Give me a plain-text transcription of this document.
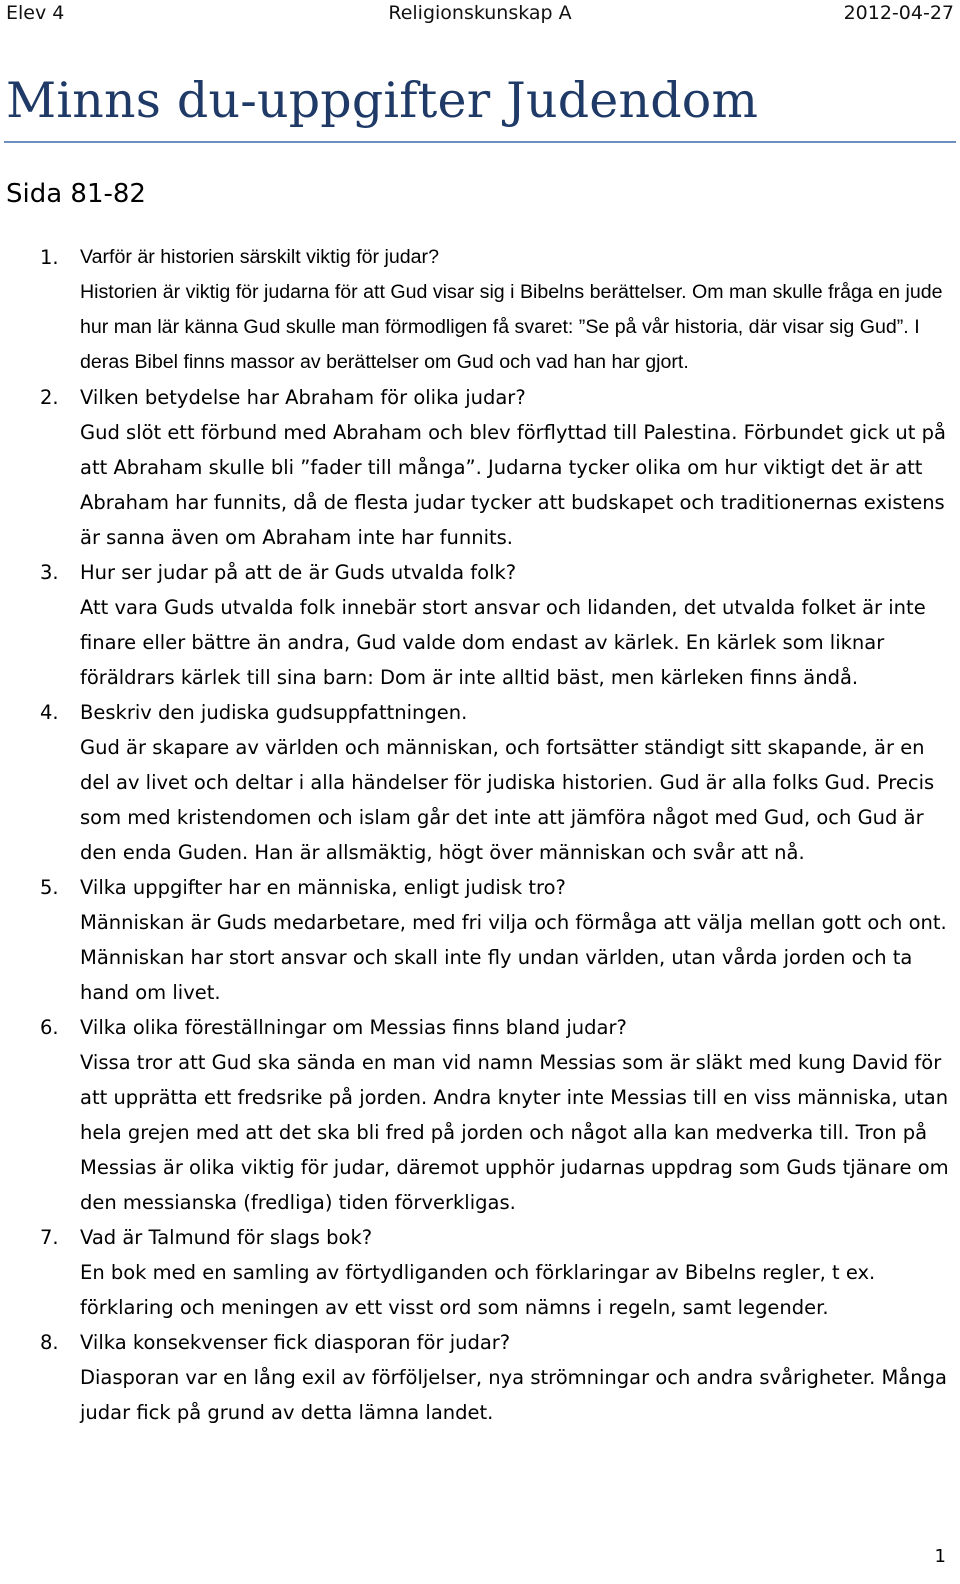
Elev 4	Religionskunskap A	2012-04-27
Minns du-uppgifter Judendom
Sida 81-82
1. Varför är historien särskilt viktig för judar?

Historien är viktig för judarna för att Gud visar sig i Bibelns berättelser. Om man skulle fråga en jude hur man lär känna Gud skulle man förmodligen få svaret: ”Se på vår historia, där visar sig Gud”. I deras Bibel finns massor av berättelser om Gud och vad han har gjort.

2. Vilken betydelse har Abraham för olika judar?

Gud slöt ett förbund med Abraham och blev förflyttad till Palestina. Förbundet gick ut på att Abraham skulle bli ”fader till många”. Judarna tycker olika om hur viktigt det är att Abraham har funnits, då de flesta judar tycker att budskapet och traditionernas existens är sanna även om Abraham inte har funnits.

3. Hur ser judar på att de är Guds utvalda folk?

Att vara Guds utvalda folk innebär stort ansvar och lidanden, det utvalda folket är inte finare eller bättre än andra, Gud valde dom endast av kärlek. En kärlek som liknar föräldrars kärlek till sina barn: Dom är inte alltid bäst, men kärleken finns ändå.

4. Beskriv den judiska gudsuppfattningen.

Gud är skapare av världen och människan, och fortsätter ständigt sitt skapande, är en del av livet och deltar i alla händelser för judiska historien. Gud är alla folks Gud. Precis som med kristendomen och islam går det inte att jämföra något med Gud, och Gud är den enda Guden. Han är allsmäktig, högt över människan och svår att nå.

5. Vilka uppgifter har en människa, enligt judisk tro?

Människan är Guds medarbetare, med fri vilja och förmåga att välja mellan gott och ont. Människan har stort ansvar och skall inte fly undan världen, utan vårda jorden och ta hand om livet.

6. Vilka olika föreställningar om Messias finns bland judar?

Vissa tror att Gud ska sända en man vid namn Messias som är släkt med kung David för att upprätta ett fredsrike på jorden. Andra knyter inte Messias till en viss människa, utan hela grejen med att det ska bli fred på jorden och något alla kan medverka till. Tron på Messias är olika viktig för judar, däremot upphör judarnas uppdrag som Guds tjänare om den messianska (fredliga) tiden förverkligas.

7. Vad är Talmund för slags bok?

En bok med en samling av förtydliganden och förklaringar av Bibelns regler, t ex. förklaring och meningen av ett visst ord som nämns i regeln, samt legender.

8. Vilka konsekvenser fick diasporan för judar?

Diasporan var en lång exil av förföljelser, nya strömningar och andra svårigheter. Många judar fick på grund av detta lämna landet.

1
